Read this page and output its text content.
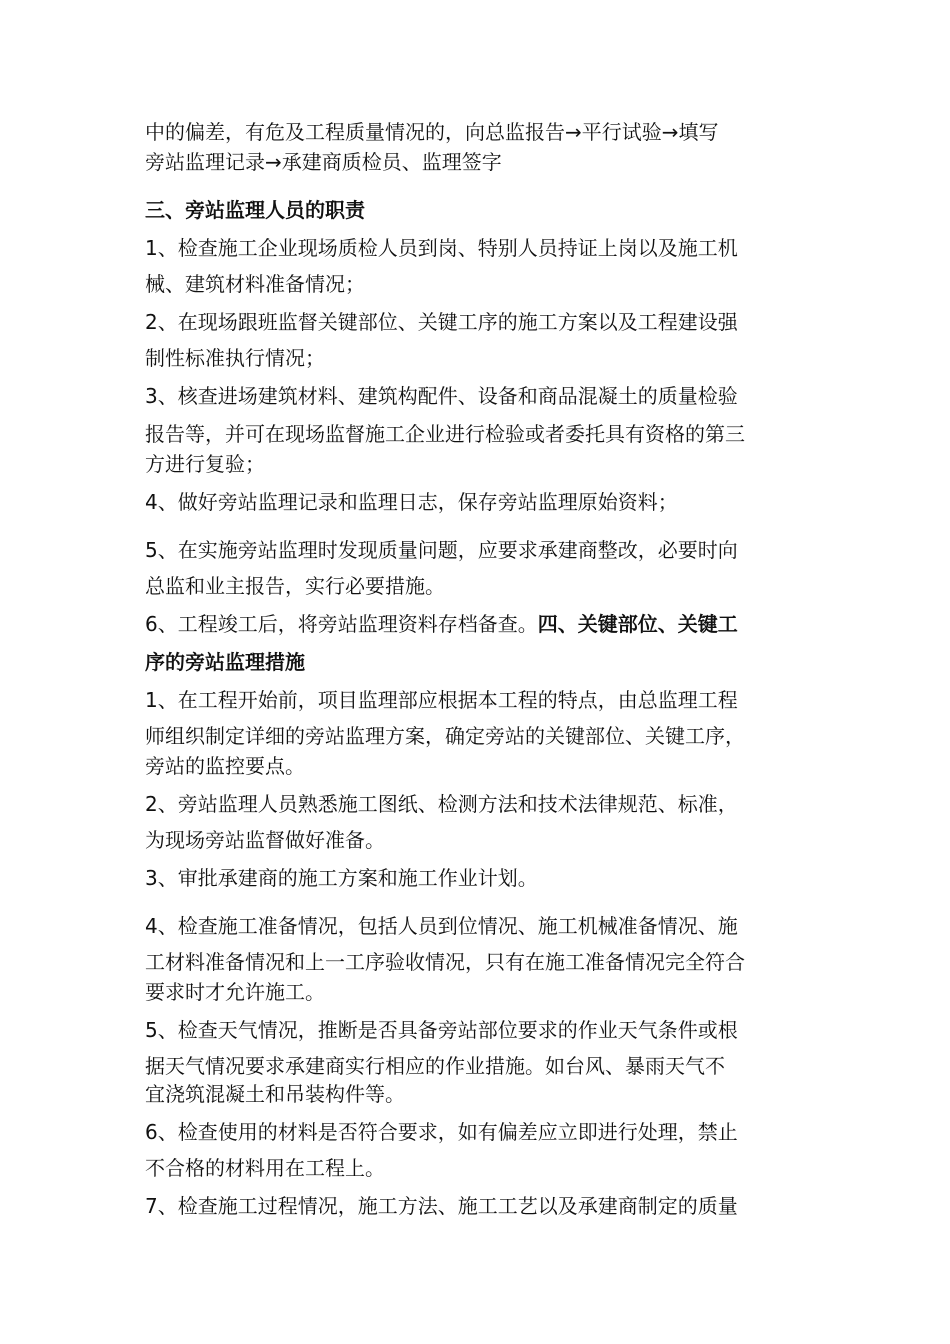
中的偏差，有危及工程质量情况的，向总监报告→平行试验→填写
旁站监理记录→承建商质检员、监理签字
三、旁站监理人员的职责
1、检查施工企业现场质检人员到岗、特别人员持证上岗以及施工机
械、建筑材料准备情况；
2、在现场跟班监督关键部位、关键工序的施工方案以及工程建设强
制性标准执行情况；
3、核查进场建筑材料、建筑构配件、设备和商品混凝土的质量检验
报告等，并可在现场监督施工企业进行检验或者委托具有资格的第三
方进行复验；
4、做好旁站监理记录和监理日志，保存旁站监理原始资料；
5、在实施旁站监理时发现质量问题，应要求承建商整改，必要时向
总监和业主报告，实行必要措施。
6、工程竣工后，将旁站监理资料存档备查。四、关键部位、关键工
序的旁站监理措施
1、在工程开始前，项目监理部应根据本工程的特点，由总监理工程
师组织制定详细的旁站监理方案，确定旁站的关键部位、关键工序，
旁站的监控要点。
2、旁站监理人员熟悉施工图纸、检测方法和技术法律规范、标准，
为现场旁站监督做好准备。
3、审批承建商的施工方案和施工作业计划。
4、检查施工准备情况，包括人员到位情况、施工机械准备情况、施
工材料准备情况和上一工序验收情况，只有在施工准备情况完全符合
要求时才允许施工。
5、检查天气情况，推断是否具备旁站部位要求的作业天气条件或根
据天气情况要求承建商实行相应的作业措施。如台风、暴雨天气不
宜浇筑混凝土和吊装构件等。
6、检查使用的材料是否符合要求，如有偏差应立即进行处理，禁止
不合格的材料用在工程上。
7、检查施工过程情况，施工方法、施工工艺以及承建商制定的质量
